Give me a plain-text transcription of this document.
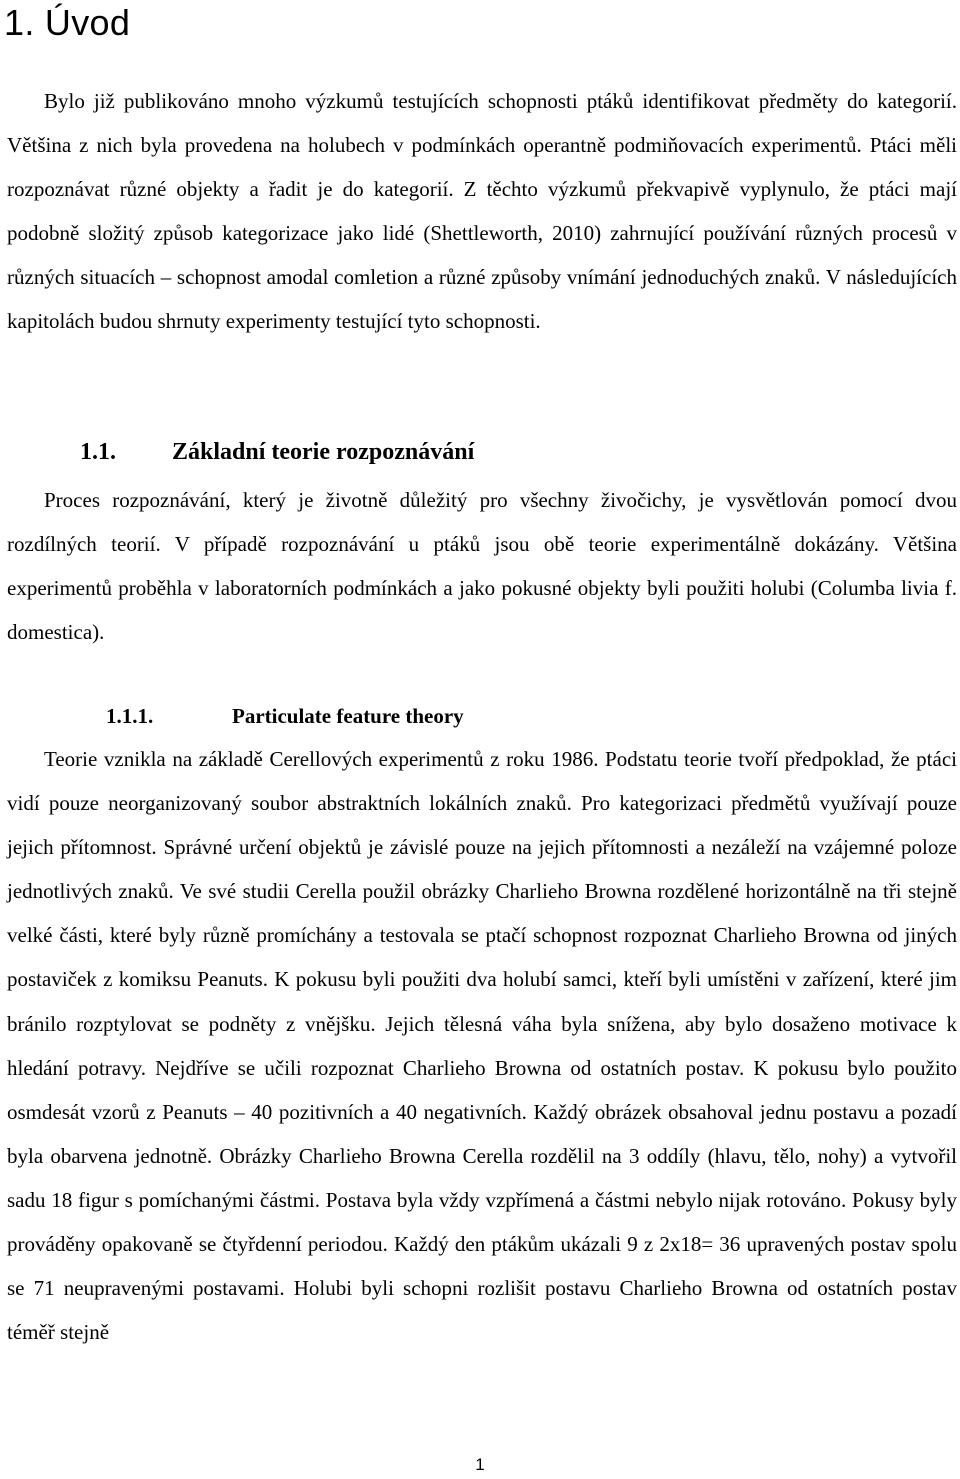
1. Úvod

Bylo již publikováno mnoho výzkumů testujících schopnosti ptáků identifikovat předměty do kategorií. Většina z nich byla provedena na holubech v podmínkách operantně podmiňovacích experimentů. Ptáci měli rozpoznávat různé objekty a řadit je do kategorií. Z těchto výzkumů překvapivě vyplynulo, že ptáci mají podobně složitý způsob kategorizace jako lidé (Shettleworth, 2010) zahrnující používání různých procesů v různých situacích – schopnost amodal comletion a různé způsoby vnímání jednoduchých znaků. V následujících kapitolách budou shrnuty experimenty testující tyto schopnosti.

1.1. Základní teorie rozpoznávání

Proces rozpoznávání, který je životně důležitý pro všechny živočichy, je vysvětlován pomocí dvou rozdílných teorií. V případě rozpoznávání u ptáků jsou obě teorie experimentálně dokázány. Většina experimentů proběhla v laboratorních podmínkách a jako pokusné objekty byli použiti holubi (Columba livia f. domestica).

1.1.1.	Particulate feature theory

Teorie vznikla na základě Cerellových experimentů z roku 1986. Podstatu teorie tvoří předpoklad, že ptáci vidí pouze neorganizovaný soubor abstraktních lokálních znaků. Pro kategorizaci předmětů využívají pouze jejich přítomnost. Správné určení objektů je závislé pouze na jejich přítomnosti a nezáleží na vzájemné poloze jednotlivých znaků. Ve své studii Cerella použil obrázky Charlieho Browna rozdělené horizontálně na tři stejně velké části, které byly různě promíchány a testovala se ptačí schopnost rozpoznat Charlieho Browna od jiných postaviček z komiksu Peanuts. K pokusu byli použiti dva holubí samci, kteří byli umístěni v zařízení, které jim bránilo rozptylovat se podněty z vnějšku. Jejich tělesná váha byla snížena, aby bylo dosaženo motivace k hledání potravy. Nejdříve se učili rozpoznat Charlieho Browna od ostatních postav. K pokusu bylo použito osmdesát vzorů z Peanuts – 40 pozitivních a 40 negativních. Každý obrázek obsahoval jednu postavu a pozadí byla obarvena jednotně. Obrázky Charlieho Browna Cerella rozdělil na 3 oddíly (hlavu, tělo, nohy) a vytvořil sadu 18 figur s pomíchanými částmi. Postava byla vždy vzpřímená a částmi nebylo nijak rotováno. Pokusy byly prováděny opakovaně se čtyřdenní periodou. Každý den ptákům ukázali 9 z 2x18= 36 upravených postav spolu se 71 neupravenými postavami. Holubi byli schopni rozlišit postavu Charlieho Browna od ostatních postav téměř stejně

1
